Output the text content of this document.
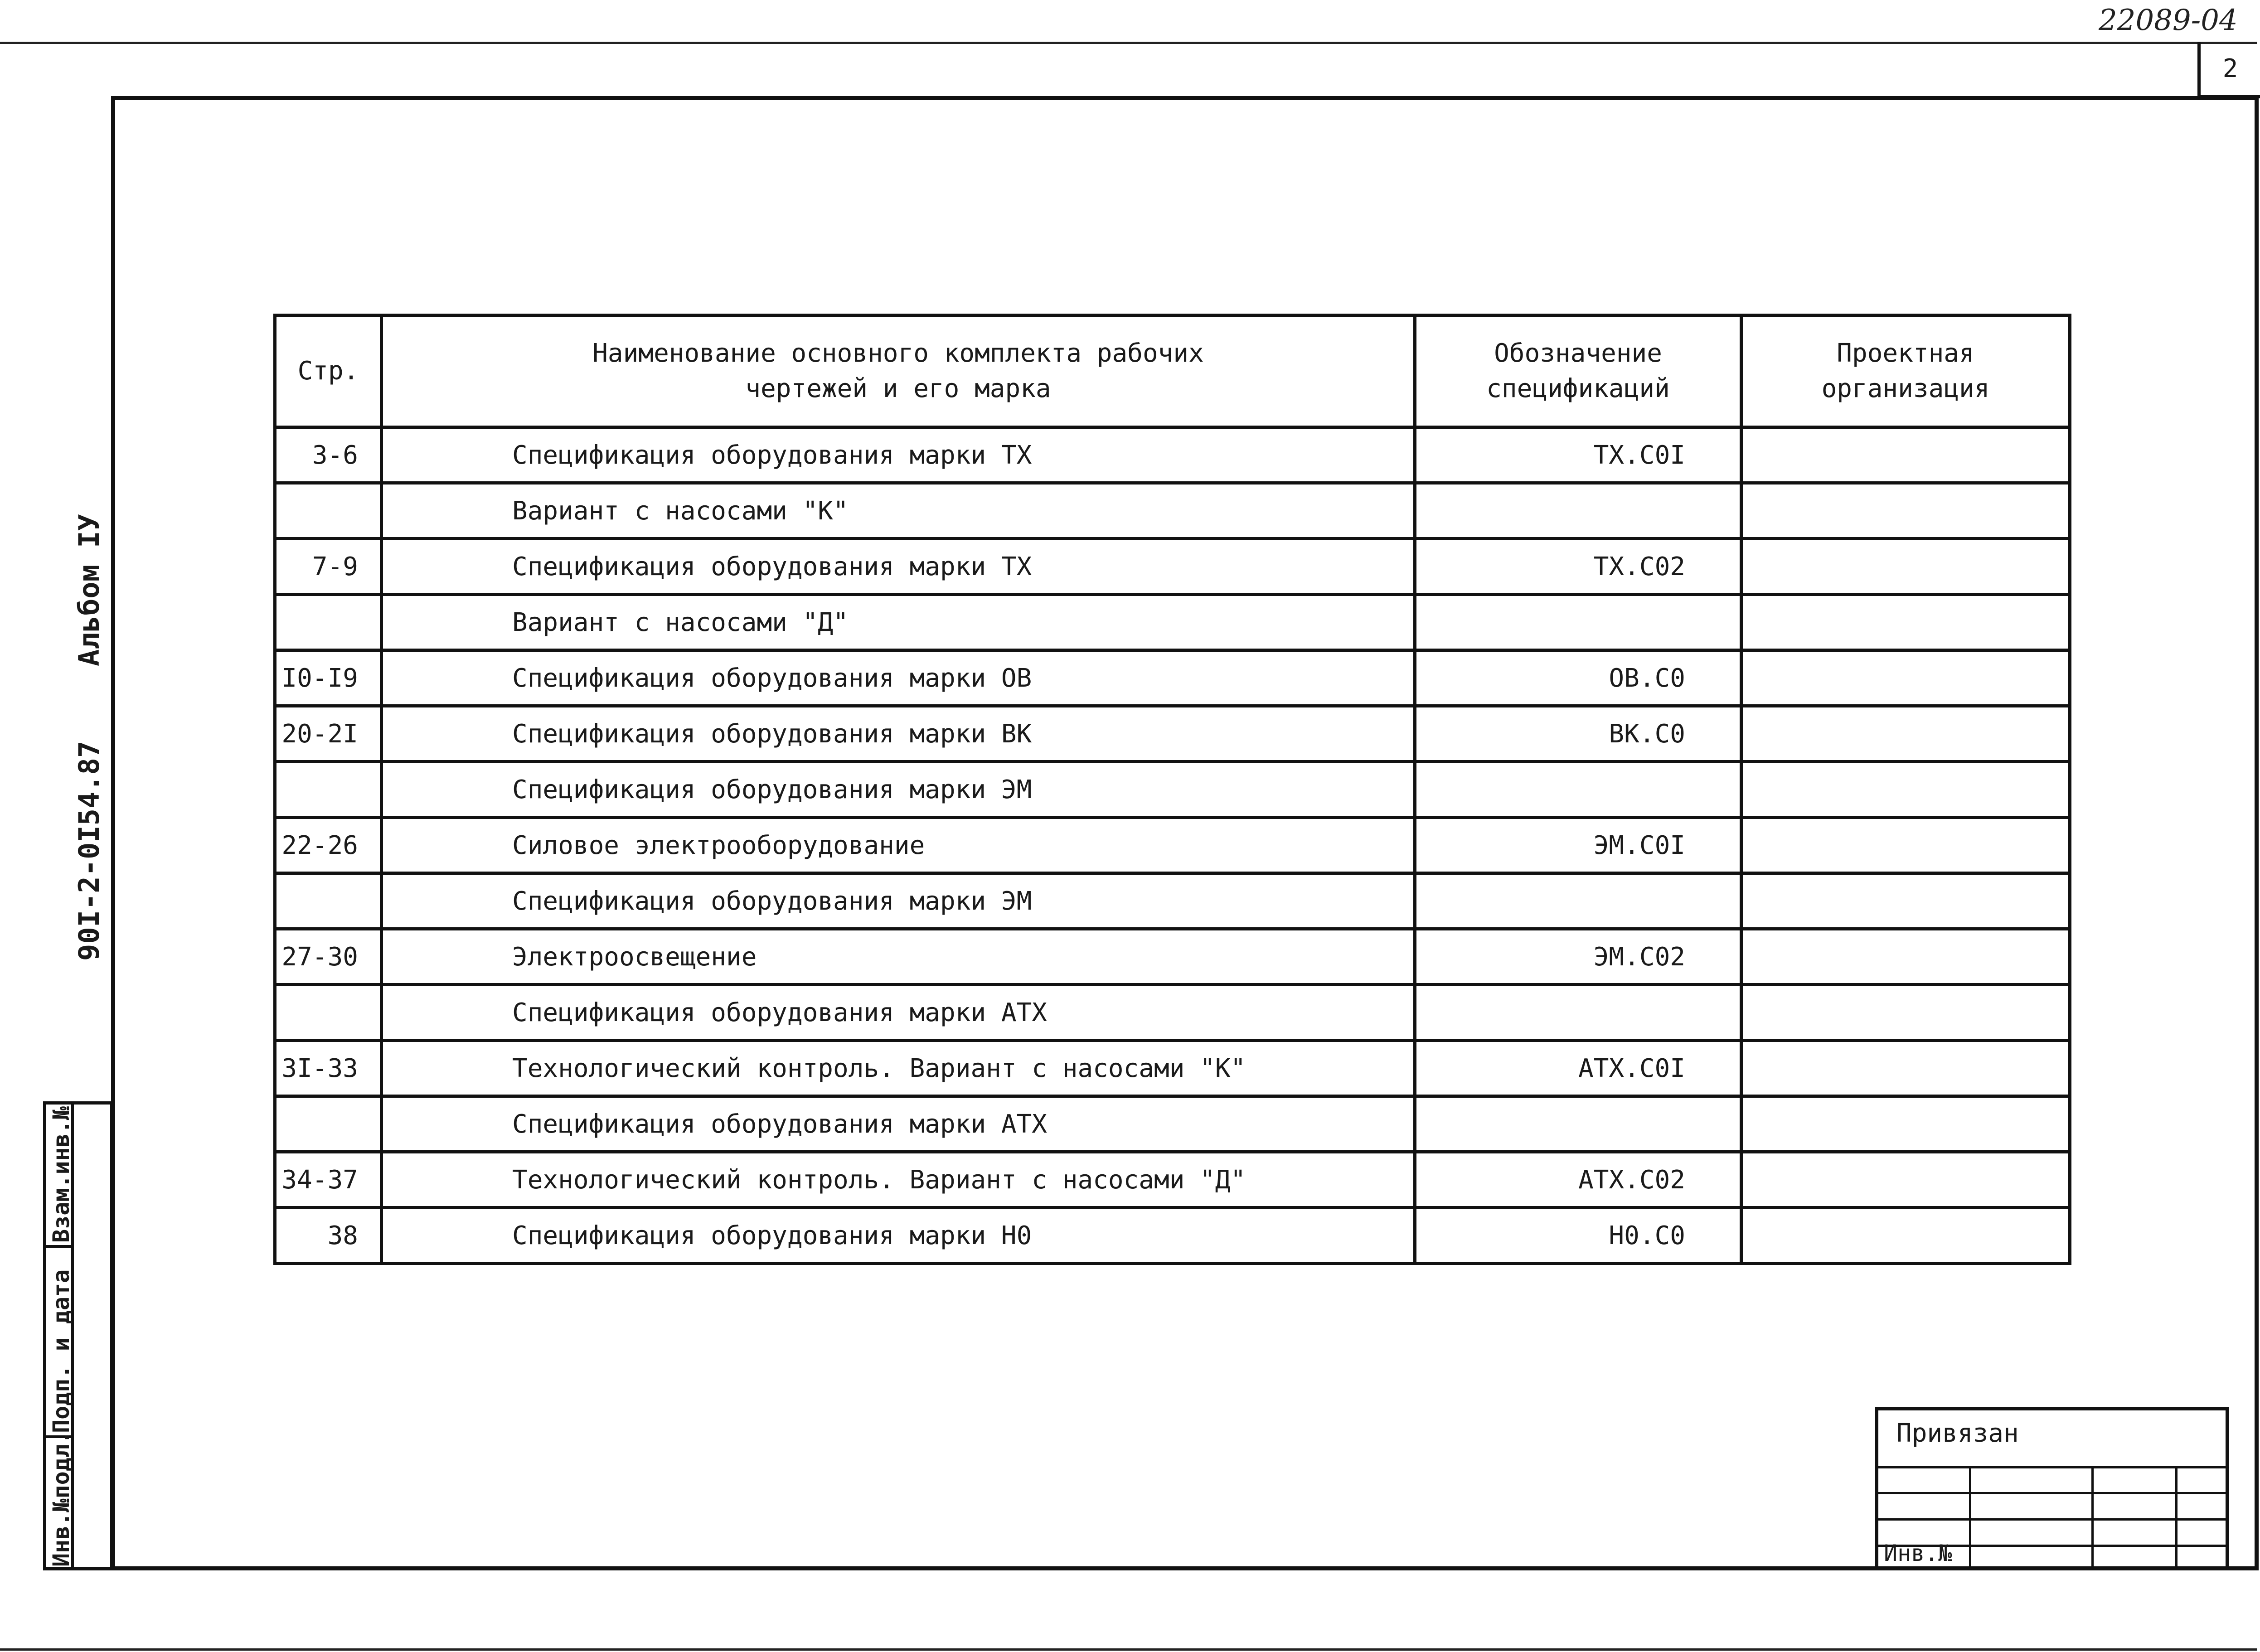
22089-04
2
Альбом IУ
90I-2-0I54.87
Инв.№подл.
Подп. и дата
Взам.инв.№
Стр.	Наименование основного комплекта рабочих чертежей и его марка	Обозначение спецификаций	Проектная организация
3-6	Спецификация оборудования марки ТХ	ТХ.С0I	
	Вариант с насосами "К"		
7-9	Спецификация оборудования марки ТХ	ТХ.С02	
	Вариант с насосами "Д"		
I0-I9	Спецификация оборудования марки ОВ	ОВ.С0	
20-2I	Спецификация оборудования марки ВК	ВК.С0	
	Спецификация оборудования марки ЭМ		
22-26	Силовое электрооборудование	ЭМ.С0I	
	Спецификация оборудования марки ЭМ		
27-30	Электроосвещение	ЭМ.С02	
	Спецификация оборудования марки АТХ		
3I-33	Технологический контроль. Вариант с насосами "К"	АТХ.С0I	
	Спецификация оборудования марки АТХ		
34-37	Технологический контроль. Вариант с насосами "Д"	АТХ.С02	
38	Спецификация оборудования марки Н0	Н0.С0	
Привязан
Инв.№
